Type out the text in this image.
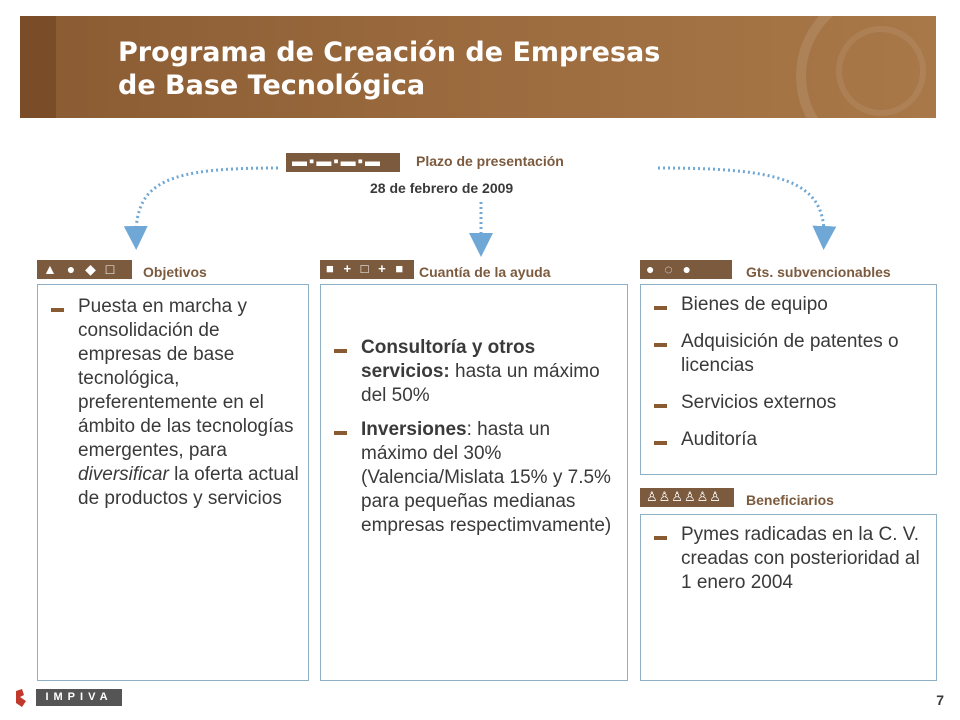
Programa de Creación de Empresas
de Base Tecnológica
▬▪▬▪▬▪▬	Plazo de presentación
28 de febrero de 2009
▲ ● ◆ □	Objetivos
Puesta en marcha y consolidación de empresas de base tecnológica, preferentemente en el ámbito de las tecnologías emergentes, para diversificar la oferta actual de productos y servicios
■ + □ + ■ Cuantía de la ayuda
Consultoría y otros servicios: hasta un máximo del 50%
Inversiones: hasta un máximo del 30% (Valencia/Mislata 15% y 7.5% para pequeñas medianas empresas respectimvamente)
● ◌ ●	Gts. subvencionables
Bienes de equipo
Adquisición de patentes o licencias
Servicios externos
Auditoría
♙♙♙♙♙♙	Beneficiarios
Pymes radicadas en la C. V. creadas con posterioridad al 1 enero 2004
IMPIVA	7
